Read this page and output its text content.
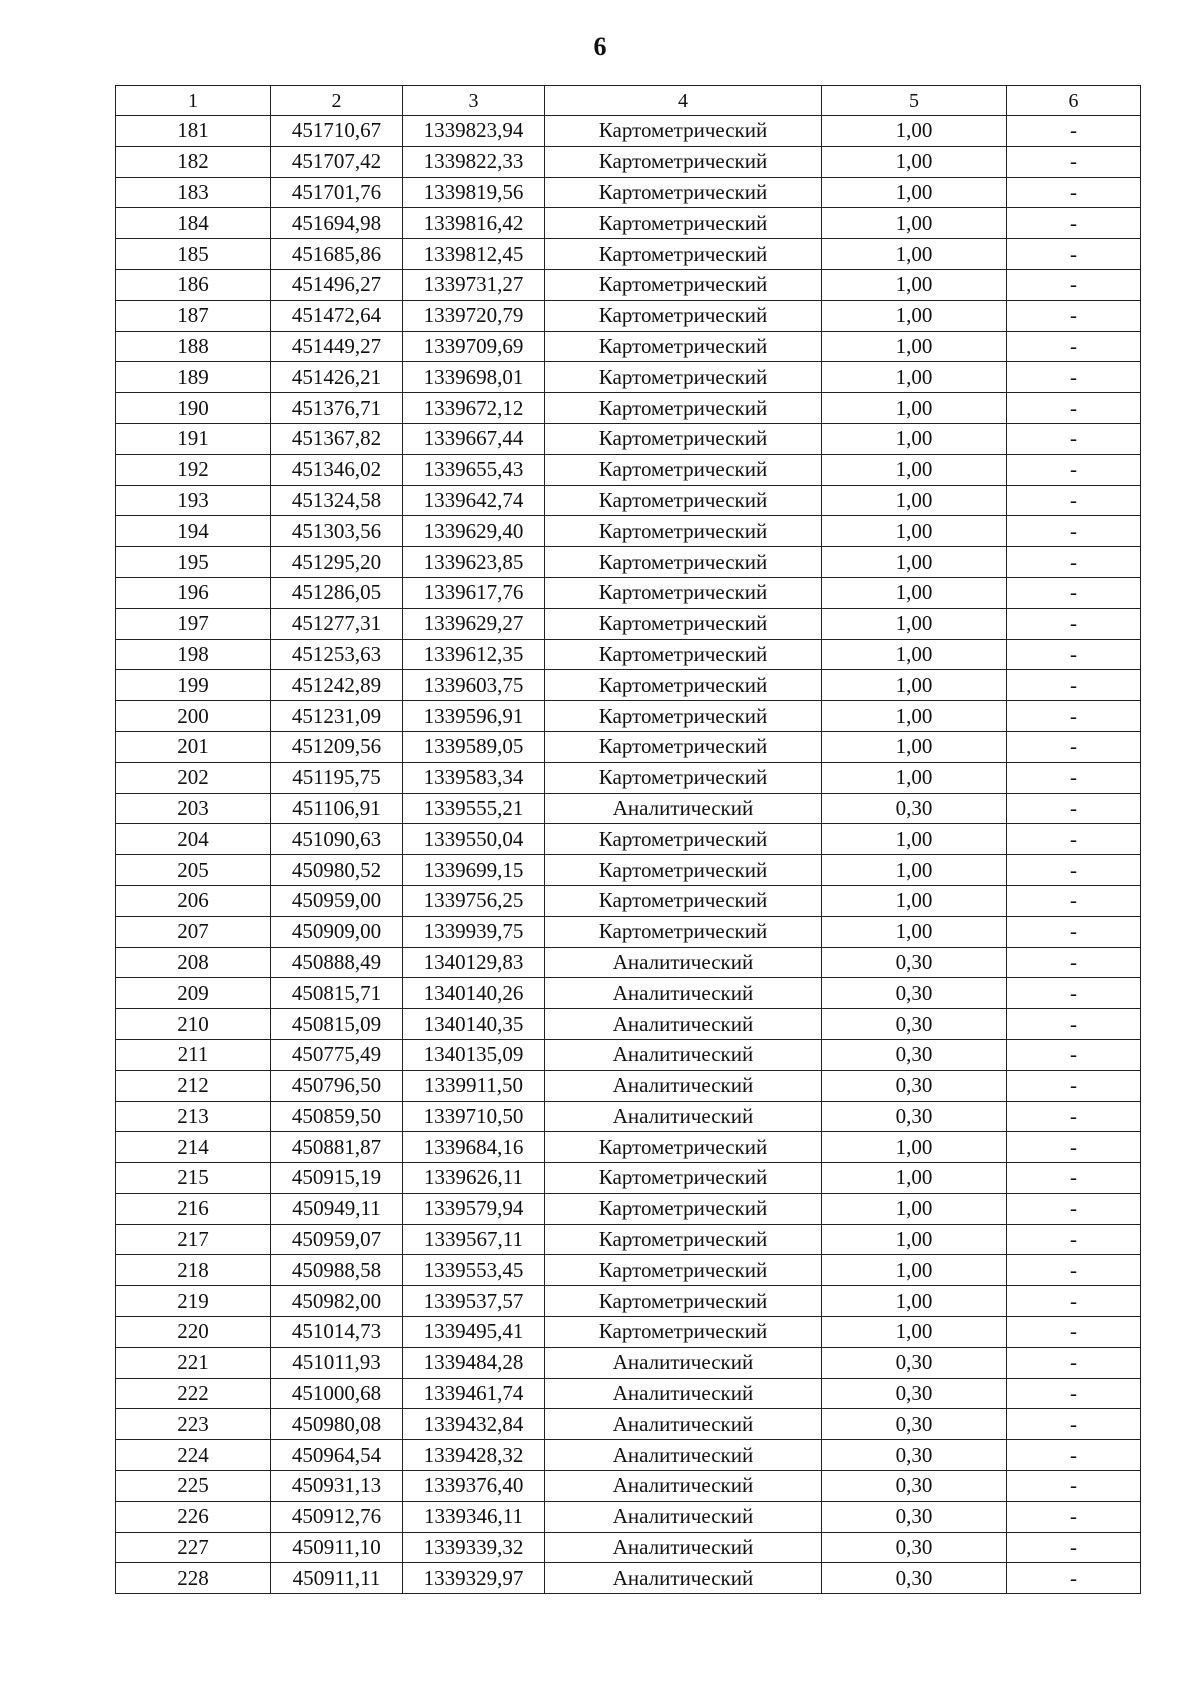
6
1	2	3	4	5	6
181	451710,67	1339823,94	Картометрический	1,00	-
182	451707,42	1339822,33	Картометрический	1,00	-
183	451701,76	1339819,56	Картометрический	1,00	-
184	451694,98	1339816,42	Картометрический	1,00	-
185	451685,86	1339812,45	Картометрический	1,00	-
186	451496,27	1339731,27	Картометрический	1,00	-
187	451472,64	1339720,79	Картометрический	1,00	-
188	451449,27	1339709,69	Картометрический	1,00	-
189	451426,21	1339698,01	Картометрический	1,00	-
190	451376,71	1339672,12	Картометрический	1,00	-
191	451367,82	1339667,44	Картометрический	1,00	-
192	451346,02	1339655,43	Картометрический	1,00	-
193	451324,58	1339642,74	Картометрический	1,00	-
194	451303,56	1339629,40	Картометрический	1,00	-
195	451295,20	1339623,85	Картометрический	1,00	-
196	451286,05	1339617,76	Картометрический	1,00	-
197	451277,31	1339629,27	Картометрический	1,00	-
198	451253,63	1339612,35	Картометрический	1,00	-
199	451242,89	1339603,75	Картометрический	1,00	-
200	451231,09	1339596,91	Картометрический	1,00	-
201	451209,56	1339589,05	Картометрический	1,00	-
202	451195,75	1339583,34	Картометрический	1,00	-
203	451106,91	1339555,21	Аналитический	0,30	-
204	451090,63	1339550,04	Картометрический	1,00	-
205	450980,52	1339699,15	Картометрический	1,00	-
206	450959,00	1339756,25	Картометрический	1,00	-
207	450909,00	1339939,75	Картометрический	1,00	-
208	450888,49	1340129,83	Аналитический	0,30	-
209	450815,71	1340140,26	Аналитический	0,30	-
210	450815,09	1340140,35	Аналитический	0,30	-
211	450775,49	1340135,09	Аналитический	0,30	-
212	450796,50	1339911,50	Аналитический	0,30	-
213	450859,50	1339710,50	Аналитический	0,30	-
214	450881,87	1339684,16	Картометрический	1,00	-
215	450915,19	1339626,11	Картометрический	1,00	-
216	450949,11	1339579,94	Картометрический	1,00	-
217	450959,07	1339567,11	Картометрический	1,00	-
218	450988,58	1339553,45	Картометрический	1,00	-
219	450982,00	1339537,57	Картометрический	1,00	-
220	451014,73	1339495,41	Картометрический	1,00	-
221	451011,93	1339484,28	Аналитический	0,30	-
222	451000,68	1339461,74	Аналитический	0,30	-
223	450980,08	1339432,84	Аналитический	0,30	-
224	450964,54	1339428,32	Аналитический	0,30	-
225	450931,13	1339376,40	Аналитический	0,30	-
226	450912,76	1339346,11	Аналитический	0,30	-
227	450911,10	1339339,32	Аналитический	0,30	-
228	450911,11	1339329,97	Аналитический	0,30	-
